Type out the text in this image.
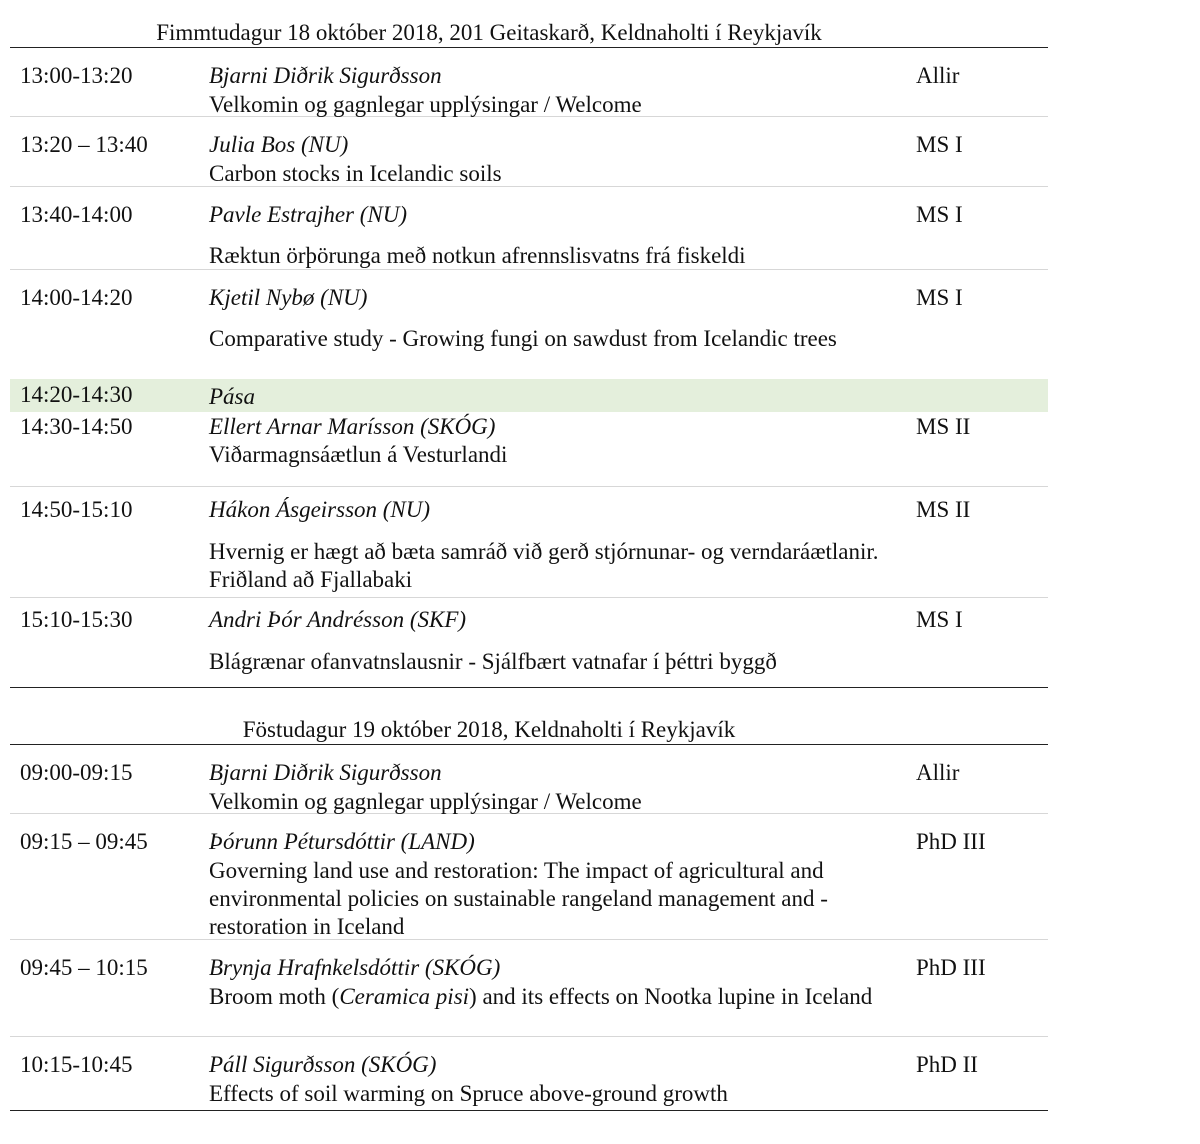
Fimmtudagur 18 október 2018, 201 Geitaskarð, Keldnaholti í Reykjavík
13:00-13:20	Bjarni Diðrik Sigurðsson	Allir
Velkomin og gagnlegar upplýsingar / Welcome
13:20 – 13:40	Julia Bos (NU)	MS I
Carbon stocks in Icelandic soils
13:40-14:00	Pavle Estrajher (NU)	MS I
Ræktun örþörunga með notkun afrennslisvatns frá fiskeldi
14:00-14:20	Kjetil Nybø (NU)	MS I
Comparative study - Growing fungi on sawdust from Icelandic trees
14:20-14:30	Pása
14:30-14:50	Ellert Arnar Marísson (SKÓG)	MS II
Viðarmagnsáætlun á Vesturlandi
14:50-15:10	Hákon Ásgeirsson (NU)	MS II
Hvernig er hægt að bæta samráð við gerð stjórnunar- og verndaráætlanir. Friðland að Fjallabaki
15:10-15:30	Andri Þór Andrésson (SKF)	MS I
Blágrænar ofanvatnslausnir - Sjálfbært vatnafar í þéttri byggð
Föstudagur 19 október 2018, Keldnaholti í Reykjavík
09:00-09:15	Bjarni Diðrik Sigurðsson	Allir
Velkomin og gagnlegar upplýsingar / Welcome
09:15 – 09:45	Þórunn Pétursdóttir (LAND)	PhD III
Governing land use and restoration: The impact of agricultural and environmental policies on sustainable rangeland management and - restoration in Iceland
09:45 – 10:15	Brynja Hrafnkelsdóttir (SKÓG)	PhD III
Broom moth (Ceramica pisi) and its effects on Nootka lupine in Iceland
10:15-10:45	Páll Sigurðsson (SKÓG)	PhD II
Effects of soil warming on Spruce above-ground growth
